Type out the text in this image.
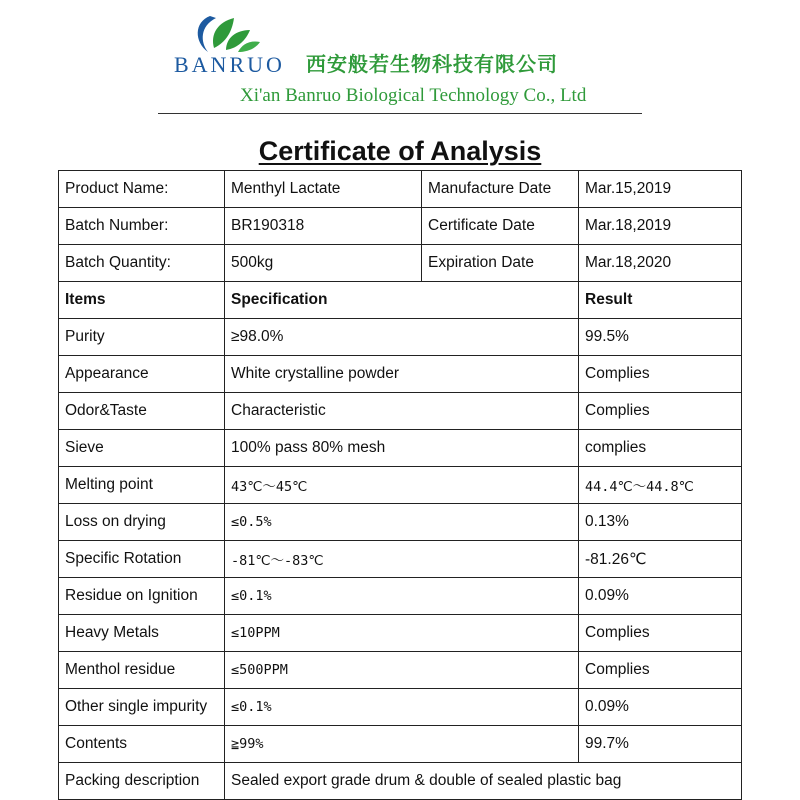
BANRUO 西安般若生物科技有限公司
Xi'an Banruo Biological Technology Co., Ltd
Certificate of Analysis
Product Name:	Menthyl Lactate	Manufacture Date	Mar.15,2019
Batch Number:	BR190318	Certificate Date	Mar.18,2019
Batch Quantity:	500kg	Expiration Date	Mar.18,2020
Items	Specification		Result
Purity	≥98.0%		99.5%
Appearance	White crystalline powder		Complies
Odor&Taste	Characteristic		Complies
Sieve	100% pass 80% mesh		complies
Melting point	43℃～45℃		44.4℃～44.8℃
Loss on drying	≤0.5%		0.13%
Specific Rotation	-81℃～-83℃		-81.26℃
Residue on Ignition	≤0.1%		0.09%
Heavy Metals	≤10PPM		Complies
Menthol residue	≤500PPM		Complies
Other single impurity	≤0.1%		0.09%
Contents	≧99%		99.7%
Packing description	Sealed export grade drum & double of sealed plastic bag		
